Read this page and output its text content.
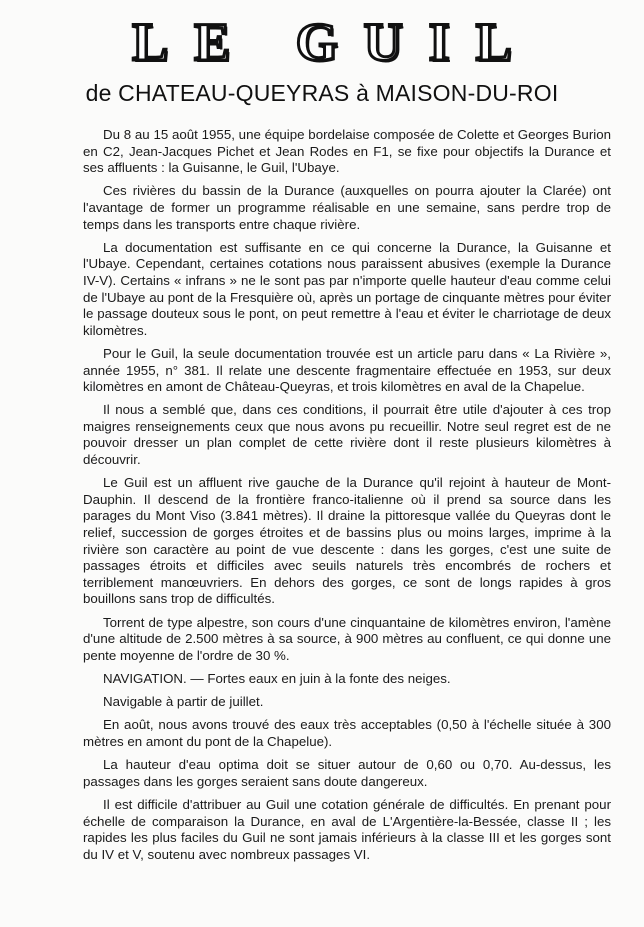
LE GUIL
de CHATEAU-QUEYRAS à MAISON-DU-ROI

Du 8 au 15 août 1955, une équipe bordelaise composée de Colette et Georges Burion en C2, Jean-Jacques Pichet et Jean Rodes en F1, se fixe pour objectifs la Durance et ses affluents : la Guisanne, le Guil, l'Ubaye.

Ces rivières du bassin de la Durance (auxquelles on pourra ajouter la Clarée) ont l'avantage de former un programme réalisable en une semaine, sans perdre trop de temps dans les transports entre chaque rivière.

La documentation est suffisante en ce qui concerne la Durance, la Guisanne et l'Ubaye. Cependant, certaines cotations nous paraissent abusives (exemple la Durance IV-V). Certains « infrans » ne le sont pas par n'importe quelle hauteur d'eau comme celui de l'Ubaye au pont de la Fresquière où, après un portage de cinquante mètres pour éviter le passage douteux sous le pont, on peut remettre à l'eau et éviter le charriotage de deux kilomètres.

Pour le Guil, la seule documentation trouvée est un article paru dans « La Rivière », année 1955, n° 381. Il relate une descente fragmentaire effectuée en 1953, sur deux kilomètres en amont de Château-Queyras, et trois kilomètres en aval de la Chapelue.

Il nous a semblé que, dans ces conditions, il pourrait être utile d'ajouter à ces trop maigres renseignements ceux que nous avons pu recueillir. Notre seul regret est de ne pouvoir dresser un plan complet de cette rivière dont il reste plusieurs kilomètres à découvrir.

Le Guil est un affluent rive gauche de la Durance qu'il rejoint à hauteur de Mont-Dauphin. Il descend de la frontière franco-italienne où il prend sa source dans les parages du Mont Viso (3.841 mètres). Il draine la pittoresque vallée du Queyras dont le relief, succession de gorges étroites et de bassins plus ou moins larges, imprime à la rivière son caractère au point de vue descente : dans les gorges, c'est une suite de passages étroits et difficiles avec seuils naturels très encombrés de rochers et terriblement manœuvriers. En dehors des gorges, ce sont de longs rapides à gros bouillons sans trop de difficultés.

Torrent de type alpestre, son cours d'une cinquantaine de kilomètres environ, l'amène d'une altitude de 2.500 mètres à sa source, à 900 mètres au confluent, ce qui donne une pente moyenne de l'ordre de 30 %.

NAVIGATION. — Fortes eaux en juin à la fonte des neiges.

Navigable à partir de juillet.

En août, nous avons trouvé des eaux très acceptables (0,50 à l'échelle située à 300 mètres en amont du pont de la Chapelue).

La hauteur d'eau optima doit se situer autour de 0,60 ou 0,70. Au-dessus, les passages dans les gorges seraient sans doute dangereux.

Il est difficile d'attribuer au Guil une cotation générale de difficultés. En prenant pour échelle de comparaison la Durance, en aval de L'Argentière-la-Bessée, classe II ; les rapides les plus faciles du Guil ne sont jamais inférieurs à la classe III et les gorges sont du IV et V, soutenu avec nombreux passages VI.
